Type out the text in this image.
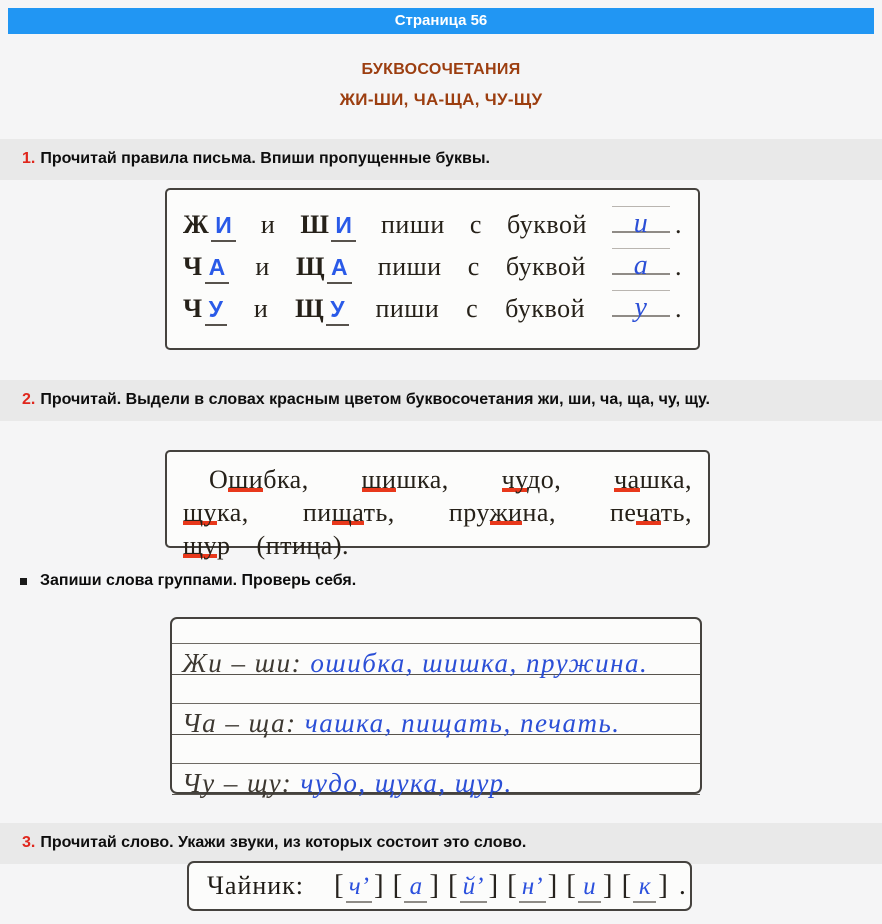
Страница 56
БУКВОСОЧЕТАНИЯ
ЖИ-ШИ, ЧА-ЩА, ЧУ-ЩУ
1. Прочитай правила письма. Впиши пропущенные буквы.
Ж И и Ш И пиши с буквой	и	.
Ч А и Щ А пиши с буквой	а	.
Ч У и Щ У пиши с буквой	у	.
2. Прочитай. Выдели в словах красным цветом буквосочетания жи, ши, ча, ща, чу, щу.
Ошибка, шишка, чудо, чашка,
щука, пищать, пружина, печать,
щур (птица).
Запиши слова группами. Проверь себя.
Жи – ши: ошибка, шишка, пружина.
Ча – ща: чашка, пищать, печать.
Чу – щу: чудо, щука, щур.
3. Прочитай слово. Укажи звуки, из которых состоит это слово.
Чайник: [ ч’ ] [ а ] [ й’ ] [ н’ ] [ и ] [ к ] .
